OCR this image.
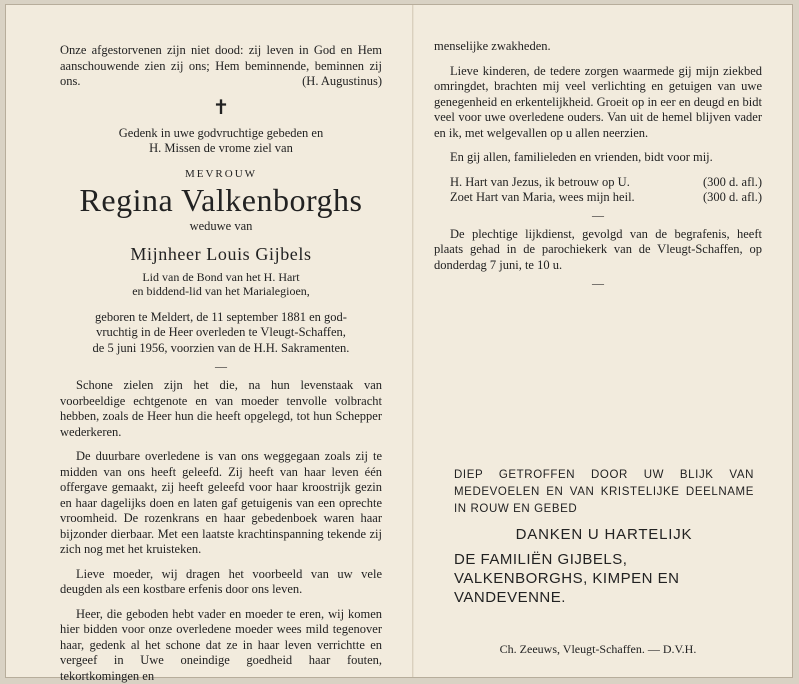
Onze afgestorvenen zijn niet dood: zij leven in God en Hem aanschouwende zien zij ons; Hem beminnende, beminnen zij ons.	(H. Augustinus)

✝

Gedenk in uwe godvruchtige gebeden en

H. Missen de vrome ziel van

MEVROUW

Regina Valkenborghs

weduwe van

Mijnheer Louis Gijbels

Lid van de Bond van het H. Hart

en biddend-lid van het Marialegioen,

geboren te Meldert, de 11 september 1881 en god-

vruchtig in de Heer overleden te Vleugt-Schaffen,

de 5 juni 1956, voorzien van de H.H. Sakramenten.

—

Schone zielen zijn het die, na hun levenstaak van voorbeeldige echtgenote en van moeder tenvolle volbracht hebben, zoals de Heer hun die heeft opgelegd, tot hun Schepper wederkeren.

De duurbare overledene is van ons weggegaan zoals zij te midden van ons heeft geleefd. Zij heeft van haar leven één offergave gemaakt, zij heeft geleefd voor haar kroostrijk gezin en haar dagelijks doen en laten gaf getuigenis van een oprechte vroomheid. De rozenkrans en haar gebedenboek waren haar bijzonder dierbaar. Met een laatste krachtinspanning tekende zij zich nog met het kruisteken.

Lieve moeder, wij dragen het voorbeeld van uw vele deugden als een kostbare erfenis door ons leven.

Heer, die geboden hebt vader en moeder te eren, wij komen hier bidden voor onze overledene moeder wees mild tegenover haar, gedenk al het schone dat ze in haar leven verrichtte en vergeef in Uwe oneindige goedheid haar fouten, tekortkomingen en

menselijke zwakheden.

Lieve kinderen, de tedere zorgen waarmede gij mijn ziekbed omringdet, brachten mij veel verlichting en getuigen van uwe genegenheid en erkentelijkheid. Groeit op in eer en deugd en bidt veel voor uwe overledene ouders. Van uit de hemel blijven vader en ik, met welgevallen op u allen neerzien.

En gij allen, familieleden en vrienden, bidt voor mij.

H. Hart van Jezus, ik betrouw op U.	(300 d. afl.)
Zoet Hart van Maria, wees mijn heil.	(300 d. afl.)
—

De plechtige lijkdienst, gevolgd van de begrafenis, heeft plaats gehad in de parochiekerk van de Vleugt-Schaffen, op donderdag 7 juni, te 10 u.

—

DIEP GETROFFEN DOOR UW BLIJK VAN MEDEVOELEN EN VAN KRISTELIJKE DEELNAME IN ROUW EN GEBED

DANKEN U HARTELIJK

DE FAMILIËN GIJBELS, VALKENBORGHS, KIMPEN EN VANDEVENNE.

Ch. Zeeuws, Vleugt-Schaffen. — D.V.H.
